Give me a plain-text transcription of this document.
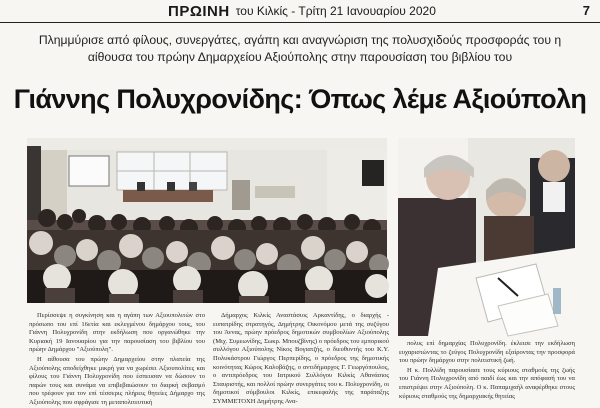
ΠΡΩΙΝΗ του Κιλκίς - Τρίτη 21 Ιανουαρίου 2020	7
Πλημμύρισε από φίλους, συνεργάτες, αγάπη και αναγνώριση της πολυσχιδούς προσφοράς του η αίθουσα του πρώην Δημαρχείου Αξιούπολης στην παρουσίαση του βιβλίου του
Γιάννης Πολυχρονίδης: Όπως λέμε Αξιούπολη

Περίσσεψε η συγκίνηση και η αγάπη των Αξιουπολιτών στο πρόσωπο του επί 16ετία και εκλεγμένου δημάρχου τους, του Γιάννη Πολυχρονίδη στην εκδήλωση που οργανώθηκε την Κυριακή 19 Ιανουαρίου για την παρουσίαση του βιβλίου του πρώην Δημάρχου "Αξιούπολη".

Η αίθουσα του πρώην Δημαρχείου στην πλατεία της Αξιούπολης αποδείχθηκε μικρή για να χωρέσει Αξιουπολίτες και φίλους του Γιάννη Πολυχρονίδη που έσπευσαν να δώσουν το παρών τους και συνάμα να επιβεβαιώσουν το διαρκή σεβασμό που τρέφουν για τον επί τέσσερις πλήρεις θητείες Δήμαρχο της Αξιούπολης που σφράγισε τη μεταπολιτευτική

Δήμαρχος Κιλκίς Αναστάσιος Αρκαντίδης, ο διαρχής - ευπατρίδης στρατηγός, Δημήτρης Οικονόμου μετά της συζύγου του Άννας, πρώην πρόεδρος δημοτικών συμβουλίων Αξιούπολης (Μιχ. Συμεωνίδης, Σωκρ. Μπουζβίνης) ο πρόεδρος του εμπορικού συλλόγου Αξιούπολης Νίκος Βογιατζής, ο διευθυντής του Κ.Υ. Πολυκάστρου Γιώργος Περπερίδης, ο πρόεδρος της δημοτικής κοινότητας Κώρος Καλοβάζης, ο αντιδήμαρχος Γ. Γεωργόπουλος, ο αντιπρόεδρος του Ιατρικού Συλλόγου Κιλκίς Αθανάσιος Σταυριστής, και πολλοί πρώην συνεργάτες του κ. Πολυχρονίδη, οι δημοτικοί σύμβουλοι Κιλκίς, επικεφαλής της παράταξης ΣΥΜΜΕΤΟΧΗ Δημήτρης Ανα-

πολυς επί δημαρχίας Πολυχρονίδη. έκλεισε την εκδήλωση ευχαριστώντας το ζεύγος Πολυχρονίδη εξαίροντας την προσφορά του πρώην δημάρχου στην πολιτιστική ζωή.

Η κ. Πολλίδη παρουσίασε τους κύριους σταθμούς της ζωής του Γιάννη Πολυχρονίδη από παιδί έως και την απόφασή του να επιστρέψει στην Αξιούπολη. Ο κ. Παπαμιχαήλ αναφέρθηκε στους κύριους σταθμούς της δημαρχιακής θητείας
